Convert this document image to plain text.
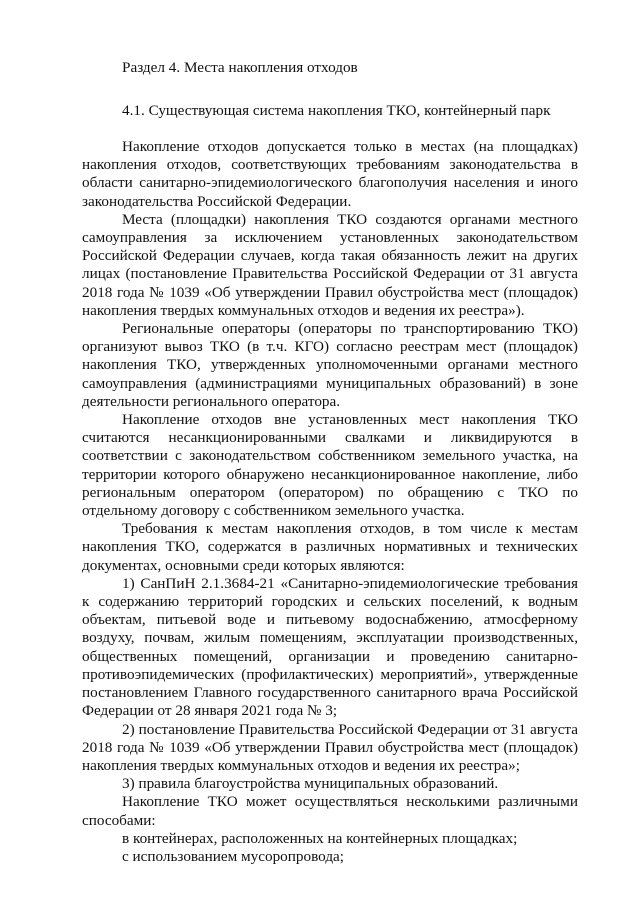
Раздел 4. Места накопления отходов

4.1. Существующая система накопления ТКО, контейнерный парк

Накопление отходов допускается только в местах (на площадках) накопления отходов, соответствующих требованиям законодательства в области санитарно-эпидемиологического благополучия населения и иного законодательства Российской Федерации.

Места (площадки) накопления ТКО создаются органами местного самоуправления за исключением установленных законодательством Российской Федерации случаев, когда такая обязанность лежит на других лицах (постановление Правительства Российской Федерации от 31 августа 2018 года № 1039 «Об утверждении Правил обустройства мест (площадок) накопления твердых коммунальных отходов и ведения их реестра»).

Региональные операторы (операторы по транспортированию ТКО) организуют вывоз ТКО (в т.ч. КГО) согласно реестрам мест (площадок) накопления ТКО, утвержденных уполномоченными органами местного самоуправления (администрациями муниципальных образований) в зоне деятельности регионального оператора.

Накопление отходов вне установленных мест накопления ТКО считаются несанкционированными свалками и ликвидируются в соответствии с законодательством собственником земельного участка, на территории которого обнаружено несанкционированное накопление, либо региональным оператором (оператором) по обращению с ТКО по отдельному договору с собственником земельного участка.

Требования к местам накопления отходов, в том числе к местам накопления ТКО, содержатся в различных нормативных и технических документах, основными среди которых являются:

1) СанПиН 2.1.3684-21 «Санитарно-эпидемиологические требования к содержанию территорий городских и сельских поселений, к водным объектам, питьевой воде и питьевому водоснабжению, атмосферному воздуху, почвам, жилым помещениям, эксплуатации производственных, общественных помещений, организации и проведению санитарно-противоэпидемических (профилактических) мероприятий», утвержденные постановлением Главного государственного санитарного врача Российской Федерации от 28 января 2021 года № 3;

2) постановление Правительства Российской Федерации от 31 августа 2018 года № 1039 «Об утверждении Правил обустройства мест (площадок) накопления твердых коммунальных отходов и ведения их реестра»;

3) правила благоустройства муниципальных образований.

Накопление ТКО может осуществляться несколькими различными способами:

в контейнерах, расположенных на контейнерных площадках;

с использованием мусоропровода;
